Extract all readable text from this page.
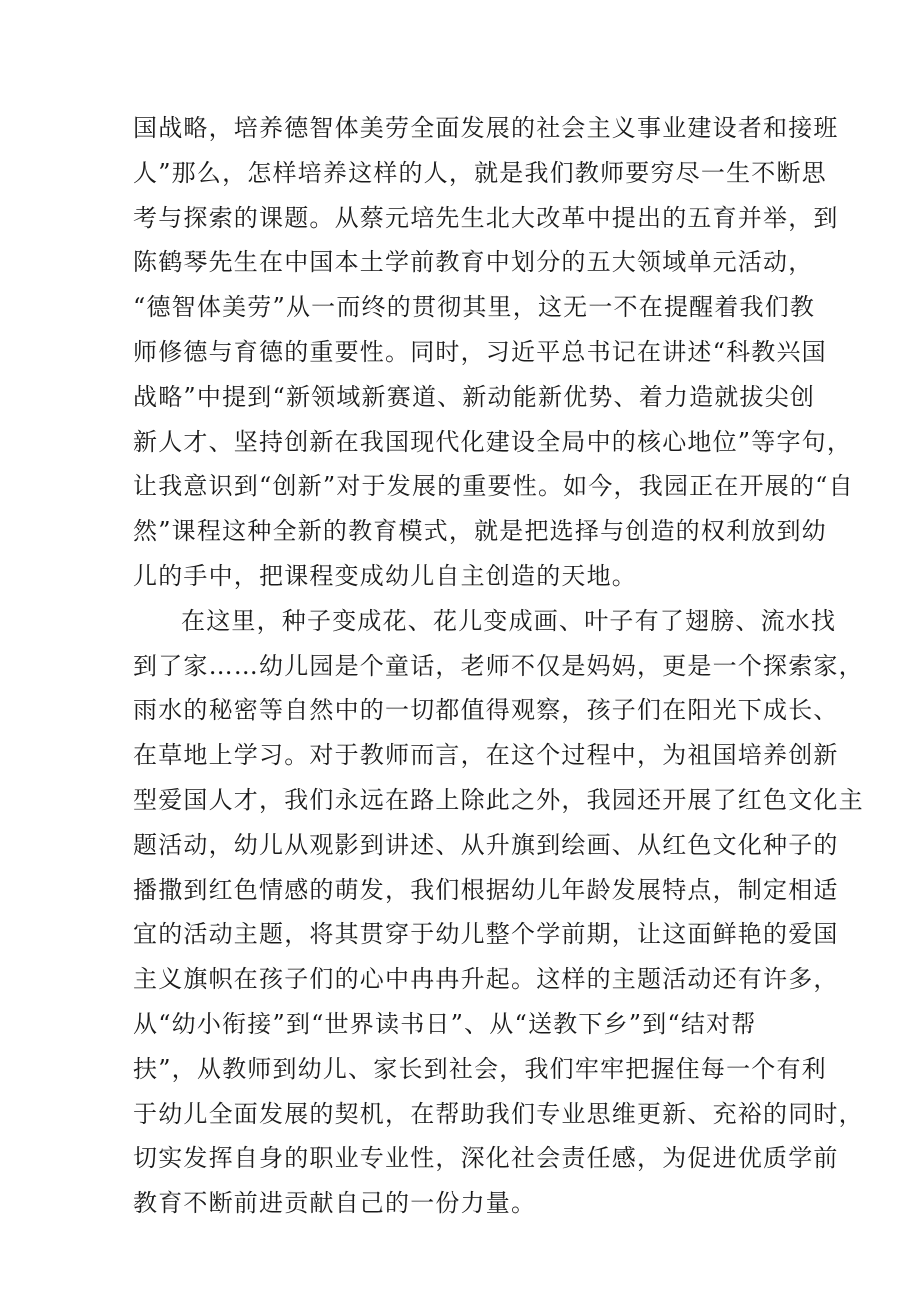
国战略，培养德智体美劳全面发展的社会主义事业建设者和接班
人”那么，怎样培养这样的人，就是我们教师要穷尽一生不断思
考与探索的课题。从蔡元培先生北大改革中提出的五育并举，到
陈鹤琴先生在中国本土学前教育中划分的五大领域单元活动，
“德智体美劳”从一而终的贯彻其里，这无一不在提醒着我们教
师修德与育德的重要性。同时，习近平总书记在讲述“科教兴国
战略”中提到“新领域新赛道、新动能新优势、着力造就拔尖创
新人才、坚持创新在我国现代化建设全局中的核心地位”等字句，
让我意识到“创新”对于发展的重要性。如今，我园正在开展的“自
然”课程这种全新的教育模式，就是把选择与创造的权利放到幼
儿的手中，把课程变成幼儿自主创造的天地。
在这里，种子变成花、花儿变成画、叶子有了翅膀、流水找
到了家……幼儿园是个童话，老师不仅是妈妈，更是一个探索家，
雨水的秘密等自然中的一切都值得观察，孩子们在阳光下成长、
在草地上学习。对于教师而言，在这个过程中，为祖国培养创新
型爱国人才，我们永远在路上除此之外，我园还开展了红色文化主
题活动，幼儿从观影到讲述、从升旗到绘画、从红色文化种子的
播撒到红色情感的萌发，我们根据幼儿年龄发展特点，制定相适
宜的活动主题，将其贯穿于幼儿整个学前期，让这面鲜艳的爱国
主义旗帜在孩子们的心中冉冉升起。这样的主题活动还有许多，
从“幼小衔接”到“世界读书日”、从“送教下乡”到“结对帮
扶”，从教师到幼儿、家长到社会，我们牢牢把握住每一个有利
于幼儿全面发展的契机，在帮助我们专业思维更新、充裕的同时，
切实发挥自身的职业专业性，深化社会责任感，为促进优质学前
教育不断前进贡献自己的一份力量。
